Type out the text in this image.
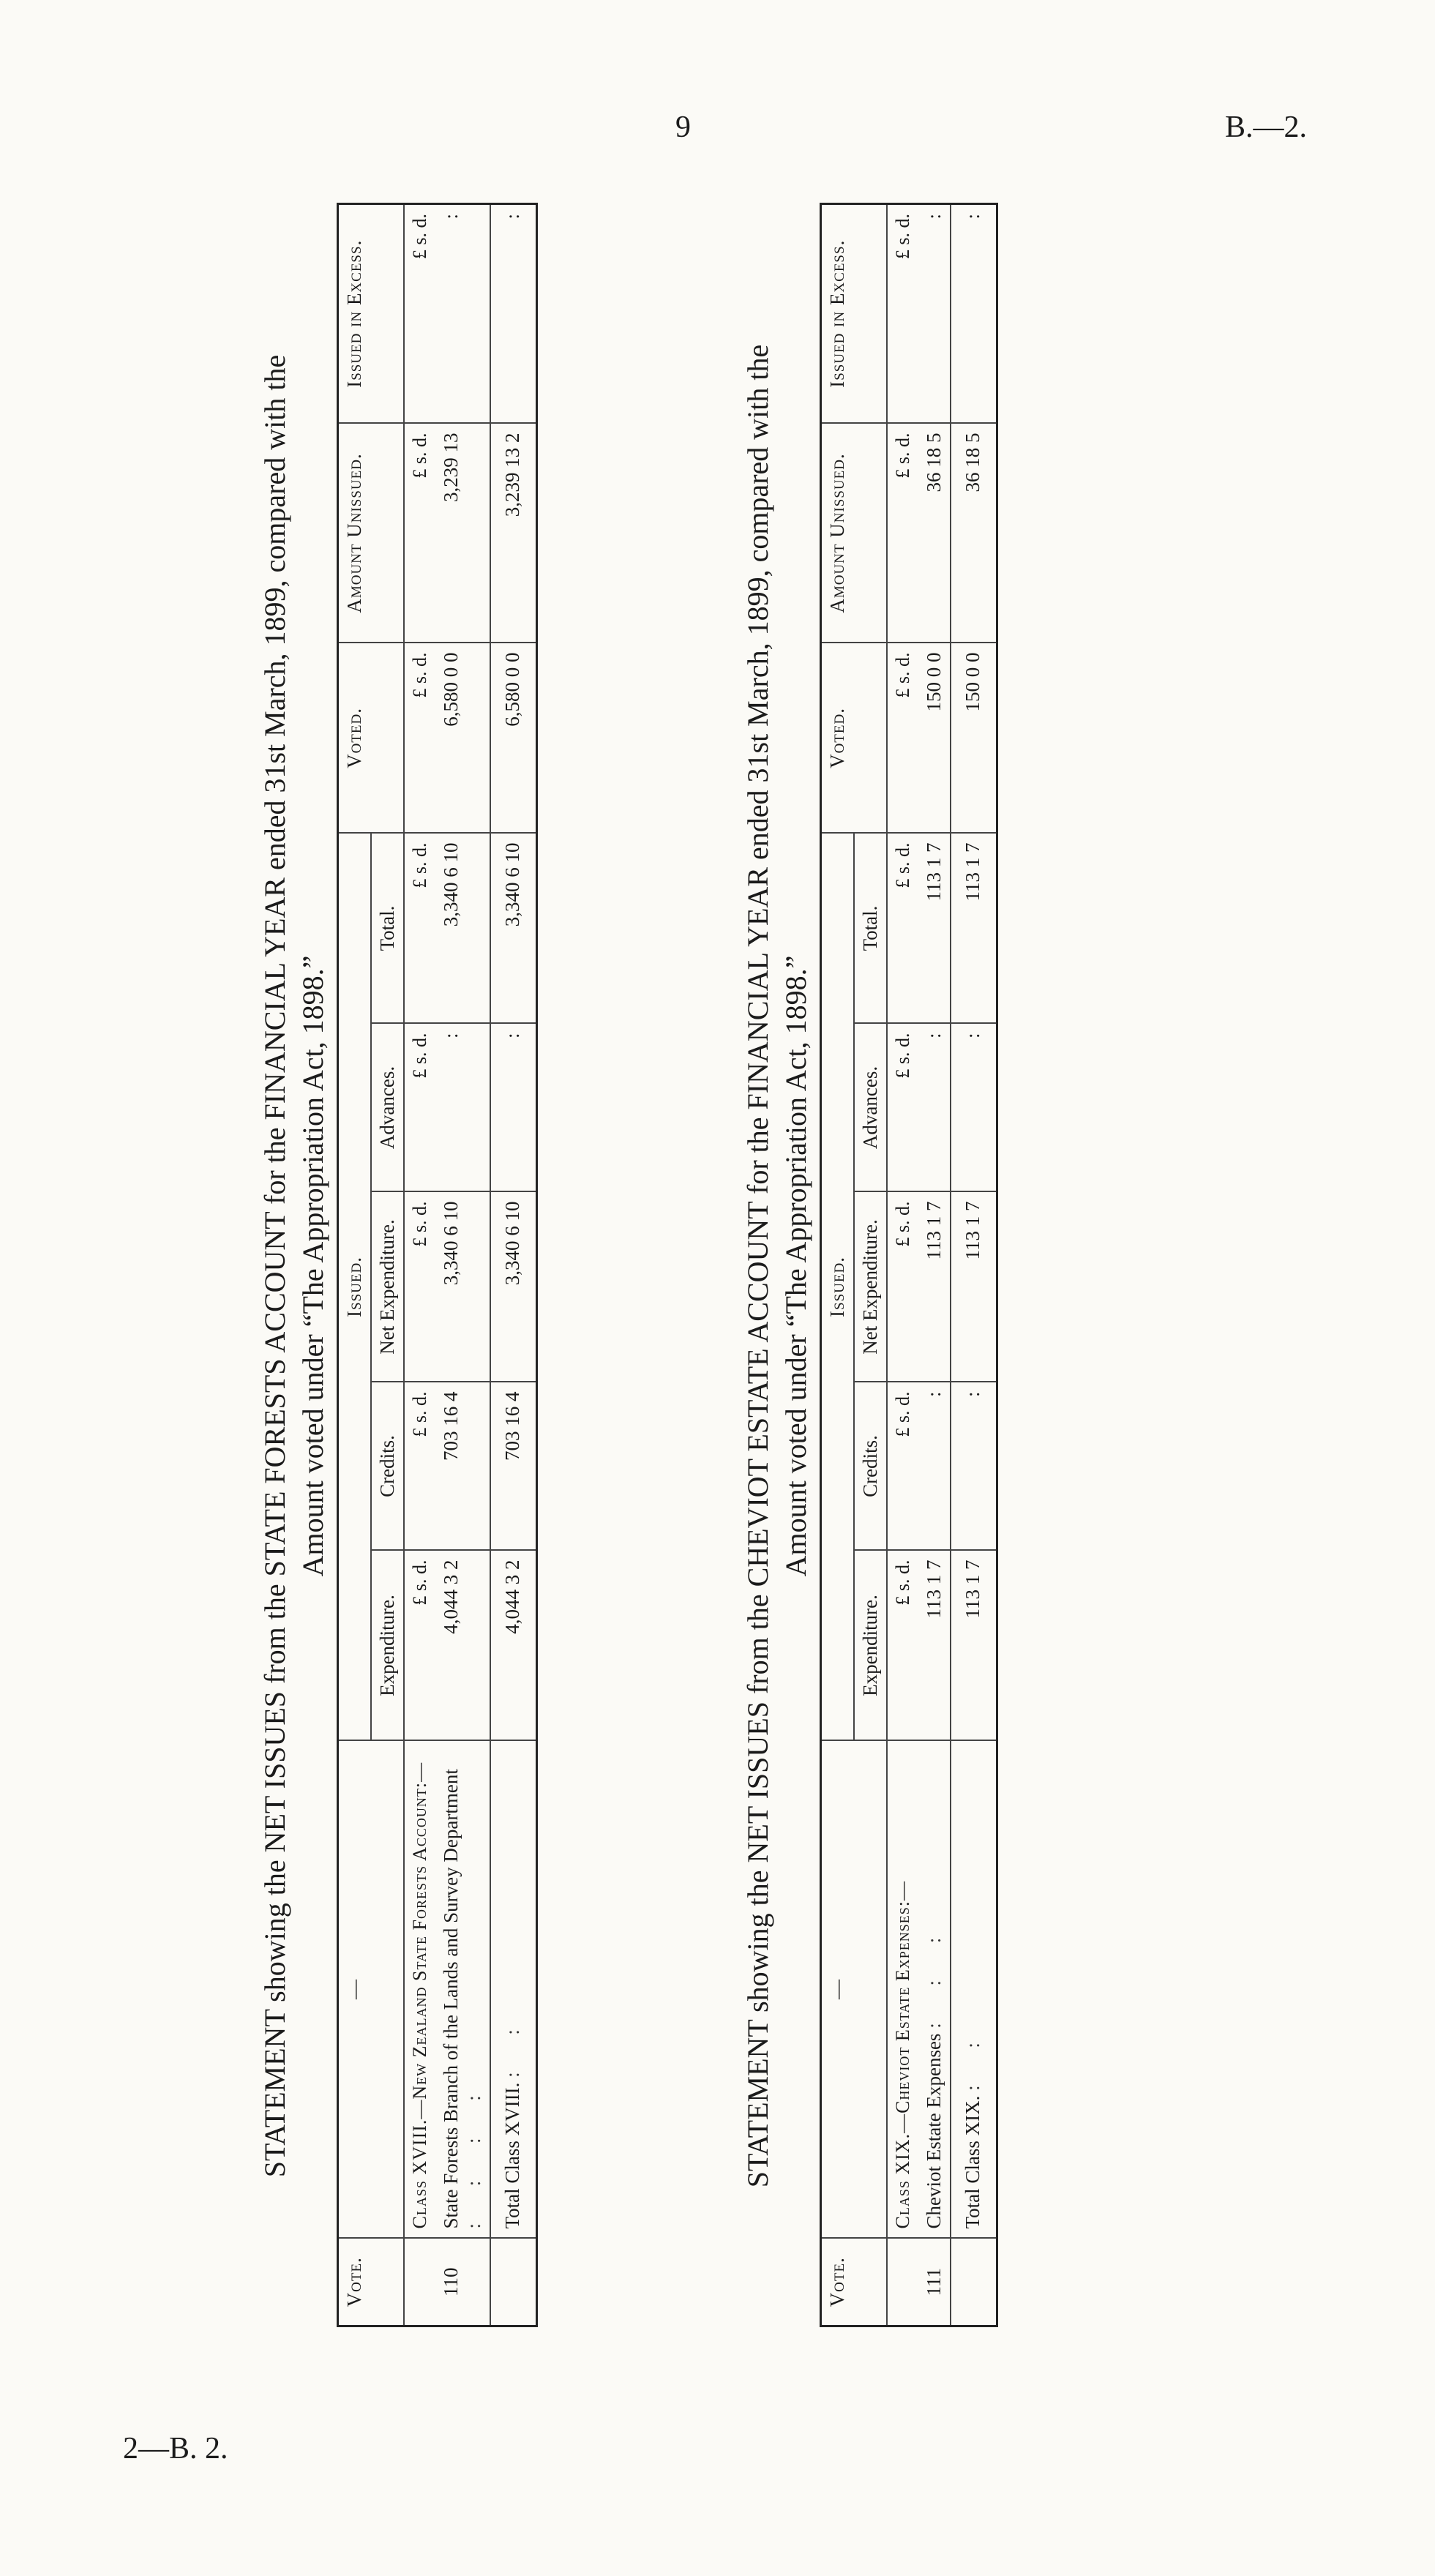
9	B.—2.
2—B. 2.
STATEMENT showing the NET ISSUES from the STATE FORESTS ACCOUNT for the FINANCIAL YEAR ended 31st March, 1899, compared with the Amount voted under “The Appropriation Act, 1898.”
Vote.	—	Issued.					Voted.	Amount Unissued.	Issued in Excess.
		Expenditure.	Credits.	Net Expenditure.	Advances.	Total.			
	Class XVIII.—New Zealand State Forests Account:—	£ s. d.	£ s. d.	£ s. d.	£ s. d.	£ s. d.	£ s. d.	£ s. d.	£ s. d.
110	State Forests Branch of the Lands and Survey Department : : : :	4,044 3 2	703 16 4	3,340 6 10	:	3,340 6 10	6,580 0 0	3,239 13	:
	Total Class XVIII. : :	4,044 3 2	703 16 4	3,340 6 10	:	3,340 6 10	6,580 0 0	3,239 13 2	:
STATEMENT showing the NET ISSUES from the CHEVIOT ESTATE ACCOUNT for the FINANCIAL YEAR ended 31st March, 1899, compared with the Amount voted under “The Appropriation Act, 1898.”
Vote.	—	Issued.					Voted.	Amount Unissued.	Issued in Excess.
		Expenditure.	Credits.	Net Expenditure.	Advances.	Total.			
	Class XIX.—Cheviot Estate Expenses:—	£ s. d.	£ s. d.	£ s. d.	£ s. d.	£ s. d.	£ s. d.	£ s. d.	£ s. d.
111	Cheviot Estate Expenses : : :	113 1 7	:	113 1 7	:	113 1 7	150 0 0	36 18 5	:
	Total Class XIX. : :	113 1 7	:	113 1 7	:	113 1 7	150 0 0	36 18 5	:
